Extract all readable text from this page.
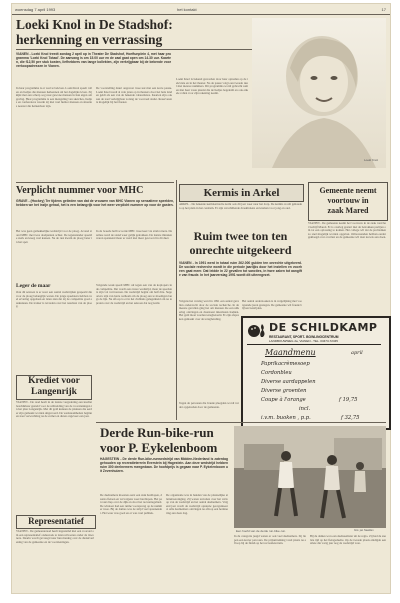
woensdag 7 april 1993	het kontakt	17
Loeki Knol in De Stadshof:
herkenning en verrassing
VIANEN - Loeki Knol treedt zondag 2 april op in Theater De Stadshof, Hoeftunplein 4, met haar programma 'Loeki Knol Totaal'. De aanvang is om 15.00 uur en de zaal gaat open om 14.30 uur. Kaarten, die f12,50 per stuk kosten, liefhebbers van lange kollekten, zijn verkrijgbaar bij de bekende voorverkoopadressen in Vianen.
In haar programma is er veel te beleven. Loeki Knol speelt rollen en liedjes die mensen herkennen uit het dagelijks leven. Zij kijkt met een scherp oog naar gewone mensen in hun eigen omgeving. Haar programma is een mengeling van sketches, liedjes en conferences waarin zij met veel humor mensen en situaties neerzet die herkenbaar zijn.
De voorstelling duurt ongeveer twee uur met een korte pauze. Loeki Knol treedt al vele jaren op in theaters door het hele land en geldt als een van de bekende cabaretières. Kaarten zijn ook aan de zaal verkrijgbaar zolang de voorraad strekt. Reserveren is mogelijk bij het theater.
Loeki Knol is bekend geworden door haar optreden op de televisie en in het theater. Na de pauze volgt een tweede deel met nieuwe nummers. Dit programma wordt gebracht samen met haar vaste pianist die de liedjes begeleidt en ook enkele rollen voor zijn rekening neemt.
Loeki Knol
Verplicht nummer voor MHC
GRAVE - (Hockey) Ter tijdens gelieden van dat de vrouwen van MHC Vianen op sensatieve speelden, hebben we het inzijn gehad, het is een belangrijk voor het weer verplicht nummer op voor de gasten.
Het was geen gemakkelijke wedstrijd voor de ploeg. Al snel stond MHC met twee doelpunten achter. De tegenstander speelde sterk en kreeg veel kansen. Na de rust kwam de ploeg beter in het spel.
In de tweede helft scoorde MHC twee keer via strafcorners. Daarmee werd de stand weer gelijk getrokken. De laatste minuten waren spannend maar er werd niet meer gescoord in dit duel.
Leger de maar
Ook dit seizoen is er weer een aantal wedstrijden gespeeld die voor de ploeg belangrijk waren. De jonge speelsters hebben veel ervaring opgedaan en laten zien dat zij de competitie goed aankunnen. De trainer is tevreden over het resultaat van de ploeg.
Volgende week speelt MHC uit tegen een van de koplopers in de competitie. Dat wordt een zware wedstrijd, maar de speelsters zijn vol vertrouwen. De wedstrijd begint om half drie. Supporters zijn van harte welkom om de ploeg aan te moedigen langs de lijn. Na afloop is er in het clubhuis gelegenheid om na te praten over de wedstrijd en het seizoen dat nog komt.
Krediet voor
Langenrijk
VIANEN - De raad heeft in de laatste vergadering een krediet beschikbaar gesteld voor de uitbreiding van de voorzieningen in het plan Langenrijk. Met dit geld kunnen de plannen die eerder zijn gemaakt worden uitgevoerd. De werkzaamheden beginnen naar verwachting na de zomer en duren ongeveer een jaar.
Representatief
VIANEN - De gemeenteraad heeft ingestemd met een voorstel om een representatief onderzoek te laten uitvoeren onder de inwoners. Daarin wordt gevraagd naar hun mening over de dienstverlening van de gemeente en de voorzieningen.
Kermis in Arkel
ARKEL - De bekende kermisattractie komt ook dit jaar weer naar het dorp. De kermis wordt gehouden op het plein in het centrum. Er zijn verschillende draaimolens en kramen voor jong en oud.
Ruim twee ton ten
onrechte uitgekeerd
VIANEN - In 1991 werd in totaal ruim 262.000 gulden ten onrechte uitgekeerd. De sociale recherche wordt in die periode jaarlijks door het instellen en voorheen gaat meer. Dat leidde in 22 gevallen tot sancties, in twee zaken tot aangifte van fraude. In het jaarverslag 1991 wordt dit uiteengezet.
Volgens het verslag werd in 1991 een aantal gevallen onderzocht door de sociale recherche. In de meeste gevallen ging het om mensen die een uitkering ontvingen en daarnaast inkomsten hadden. Het geld moet worden terugbetaald. Er zijn afspraken gemaakt over de terugbetaling.
Het aantal onderzoeken is in vergelijking met voorgaande jaren gestegen. De gemeente wil fraude blijven bestrijden.
Gemeente neemt
voortouw in
zaak Mared
VIANEN - De gemeente neemt het voortouw in de zaak rond het bedrijf Mared. Er is overleg gestart met de betrokken partijen om tot een oplossing te komen. Het college wil dat de problemen zo snel mogelijk worden opgelost. Omwonenden hebben eerder geklaagd over overlast en de gemeente wil daar nu iets aan doen.
DE SCHILDKAMP
RESTAURANT, SPORT- BOWLINGCENTRUM
LANDBOUWWEG 2a, VIANEN - TEL. 03473-72345
Maandmenu	april
Paprikacrèmesoep
Cordonbleu
Diverse aardappelen
Diverse groenten
Coupe à l'orange	f 19,75
incl.
i.v.m. buoken , p.p.	f 32,75
Tegen de personen die fraude pleegden wordt verder opgetreden door de gemeente.
Derde Run-bike-run
voor P. Eykelenboom
HAGESTEIN - De derde Run-bike-runwedstrijd van Midden-Nederland is zaterdag gehouden op recreatieterrein Everstein bij Hagestein. Aan deze wedstrijd hebben ruim 300 deelnemers meegedaan. De hoofdprijs is gegaan naar P. Eykelenboom uit Zevenhuizen.
De deelnemers moesten eerst een stuk hardlopen, daarna fietsen en vervolgens weer hardlopen. Het parcours liep over de dijk en door het recreatiegebied. De winnaar had een ruime voorsprong op de nummer twee. Bij de dames was de strijd veel spannender. Het weer was goed en er was veel publiek.
De organisatie was in handen van de plaatselijke atletiekvereniging. Zij waren tevreden over het verloop van de wedstrijd en het aantal deelnemers. Volgend jaar wordt de wedstrijd opnieuw georganiseerd. Alle deelnemers ontvingen na afloop een herinnering aan deze dag.
Een hoofd van de derde run-bike-run.	foto: jan Naalden
In de categorie jeugd waren er ook veel deelnemers. Zij liepen een korter parcours. De prijsuitreiking vond plaats na afloop bij de finish op het recreatieterrein.
Bij de dames won een deelneemster uit de regio. Zij had de snelste tijd op het fietsgedeelte. Op de tweede plaats eindigde een atlete die vorig jaar nog de wedstrijd won.
